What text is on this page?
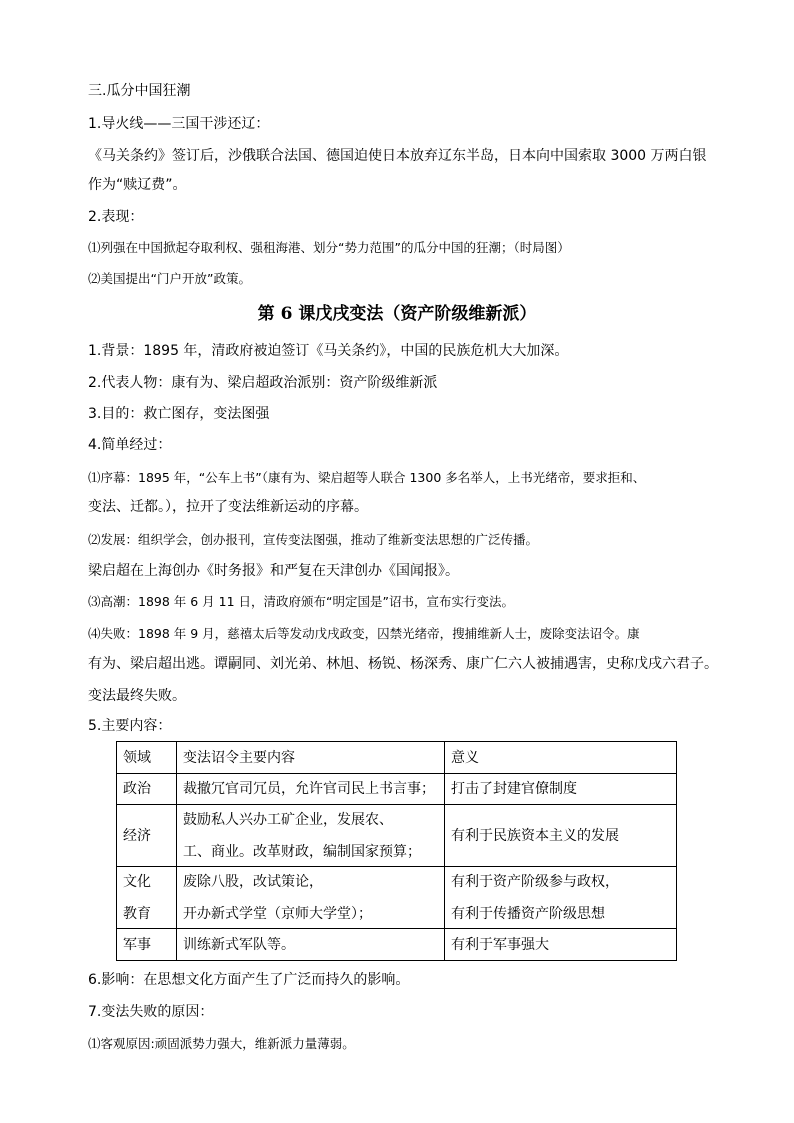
三.瓜分中国狂潮
1.导火线——三国干涉还辽：
《马关条约》签订后，沙俄联合法国、德国迫使日本放弃辽东半岛，日本向中国索取 3000 万两白银
作为“赎辽费”。
2.表现：
⑴列强在中国掀起夺取利权、强租海港、划分“势力范围”的瓜分中国的狂潮；（时局图）
⑵美国提出“门户开放”政策。
第 6 课戊戌变法（资产阶级维新派）
1.背景：1895 年，清政府被迫签订《马关条约》，中国的民族危机大大加深。
2.代表人物：康有为、梁启超政治派别：资产阶级维新派
3.目的：救亡图存，变法图强
4.简单经过：
⑴序幕：1895 年，“公车上书”（康有为、梁启超等人联合 1300 多名举人，上书光绪帝，要求拒和、
变法、迁都。），拉开了变法维新运动的序幕。
⑵发展：组织学会，创办报刊，宣传变法图强，推动了维新变法思想的广泛传播。
梁启超在上海创办《时务报》和严复在天津创办《国闻报》。
⑶高潮：1898 年 6 月 11 日，清政府颁布“明定国是”诏书，宣布实行变法。
⑷失败：1898 年 9 月，慈禧太后等发动戊戌政变，囚禁光绪帝，搜捕维新人士，废除变法诏令。康
有为、梁启超出逃。谭嗣同、刘光弟、林旭、杨锐、杨深秀、康广仁六人被捕遇害，史称戊戌六君子。
变法最终失败。
5.主要内容：
领域	变法诏令主要内容	意义
政治	裁撤冗官司冗员，允许官司民上书言事；	打击了封建官僚制度
经济	鼓励私人兴办工矿企业，发展农、
工、商业。改革财政，编制国家预算；	有利于民族资本主义的发展

文化
教育	废除八股，改试策论，
开办新式学堂（京师大学堂）；	有利于资产阶级参与政权，
有利于传播资产阶级思想

军事	训练新式军队等。	有利于军事强大
6.影响：在思想文化方面产生了广泛而持久的影响。
7.变法失败的原因：
⑴客观原因:顽固派势力强大，维新派力量薄弱。
